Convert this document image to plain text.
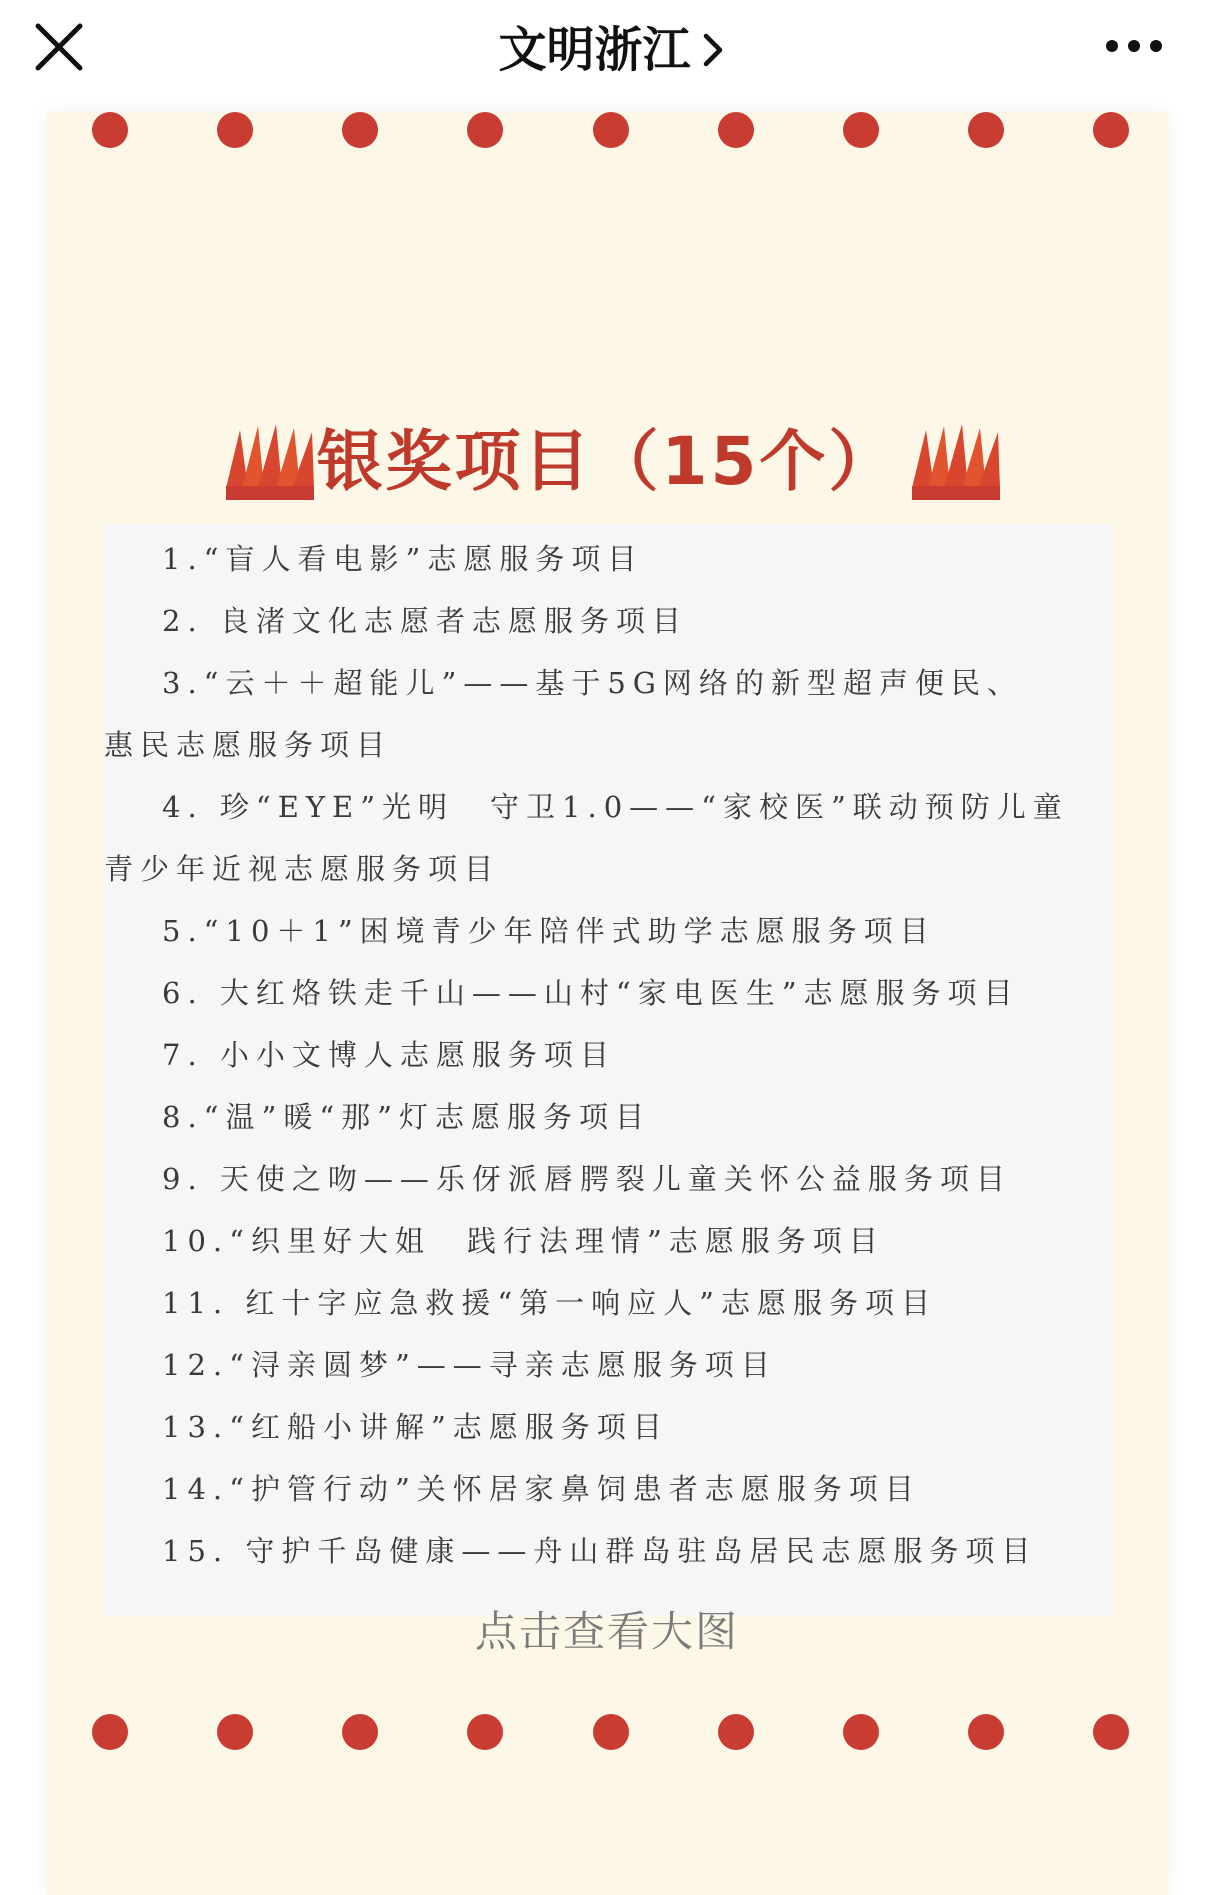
文明浙江
银奖项目（15个）
1.“盲人看电影”志愿服务项目
2. 良渚文化志愿者志愿服务项目
3.“云＋＋超能儿”——基于5G网络的新型超声便民、
惠民志愿服务项目
4. 珍“EYE”光明　守卫1.0——“家校医”联动预防儿童
青少年近视志愿服务项目
5.“10＋1”困境青少年陪伴式助学志愿服务项目
6. 大红烙铁走千山——山村“家电医生”志愿服务项目
7. 小小文博人志愿服务项目
8.“温”暖“那”灯志愿服务项目
9. 天使之吻——乐伢派唇腭裂儿童关怀公益服务项目
10.“织里好大姐　践行法理情”志愿服务项目
11. 红十字应急救援“第一响应人”志愿服务项目
12.“浔亲圆梦”——寻亲志愿服务项目
13.“红船小讲解”志愿服务项目
14.“护管行动”关怀居家鼻饲患者志愿服务项目
15. 守护千岛健康——舟山群岛驻岛居民志愿服务项目
点击查看大图
